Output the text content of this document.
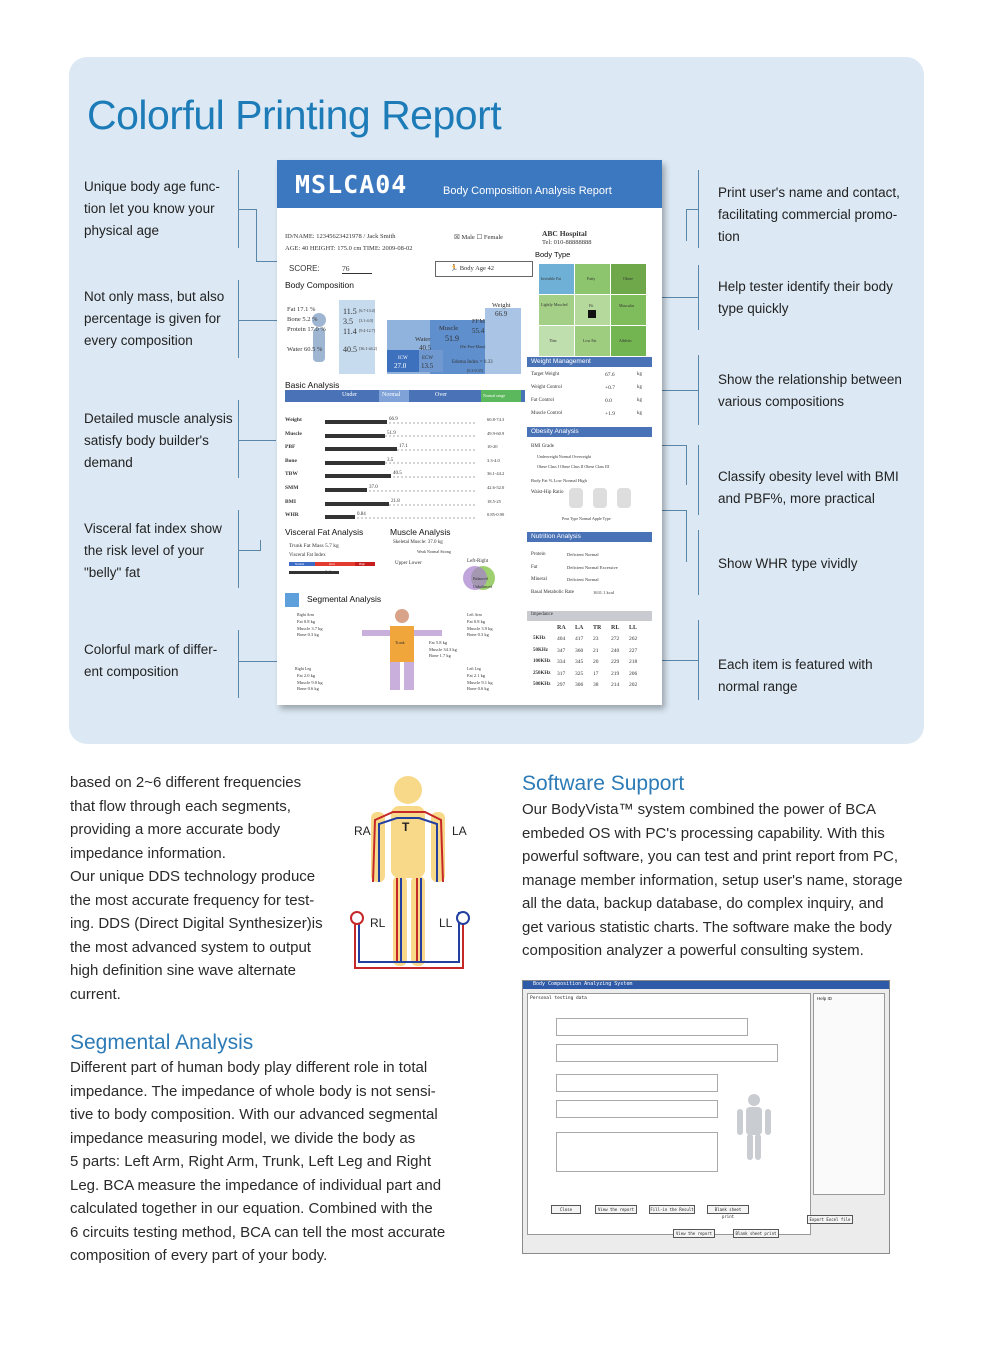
Colorful Printing Report
Unique body age func-
tion let you know your
physical age
Not only mass, but also
percentage is given for
every composition
Detailed muscle analysis
satisfy body builder's
demand
Visceral fat index show
the risk level of your
"belly" fat
Colorful mark of differ-
ent composition
Print user's name and contact,
facilitating commercial promo-
tion
Help tester identify their body
type quickly
Show the relationship between
various compositions
Classify obesity level with BMI
and PBF%, more practical
Show WHR type vividly
Each item is featured with
normal range
MSLCA04	Body Composition Analysis Report
ID/NAME: 12345623421978 / Jack Smith	☒ Male ☐ Female
AGE: 40 HEIGHT: 175.0 cm TIME: 2009-08-02
ABC Hospital
Tel: 010-88888888
SCORE:	76	🏃 Body Age 42
Body Composition
Fat 17.1 %
Bone 5.2 %
Protein 17.0 %
Water 60.5 %
11.5
3.5
11.4
40.5
[6.7-13.4]
[3.1-4.0]
[9.4-12.7]
[36.1-44.2]
Weight
66.9
FFM
55.4
Muscle
51.9
Water
40.5	(Fat Free Mass)
ICW
27.0
ECW
13.5	Edema Index = 0.33
[0.3-0.35]
Body Type
Invisible Fat	Fatty	Obese
Lightly Muscled	Fit	Muscular
Thin	Low Fat	Athletic
Basic Analysis
Under	Normal	Over	Normal range
Weight	66.9	60.8-74.3
Muscle	51.9	49.9-60.9
PBF	17.1	10-20
Bone	3.5	3.3-4.0
TBW	40.5	36.1-44.2
SMM	37.0	42.6-52.0
BMI	21.8	18.5-25
WHR	0.84	0.85-0.90
Weight Management
Target Weight	67.6	kg
Weight Control	+0.7	kg
Fat Control	0.0	kg
Muscle Control	+1.9	kg
Obesity Analysis
BMI Grade
Underweight Normal Overweight
Obese Class I Obese Class II Obese Class III
Body Fat % Low Normal High
Waist-Hip Ratio
Pear Type Normal Apple Type
Visceral Fat Analysis
Trunk Fat Mass 5.7 kg
Visceral Fat Index
Normal	Over	High
9.8
Muscle Analysis
Skeletal Muscle: 37.0 kg
Weak Normal Strong
Upper Lower	Left-Right
Balanced
Unbalanced
Nutrition Analysis
Protein	Deficient Normal
Fat	Deficient Normal Excessive
Mineral	Deficient Normal
Basal Metabolic Rate	1631.1 kcal
Segmental Analysis
Right Arm	Left Arm
Trunk
Right Leg	Left Leg
Fat 0.8 kg
Muscle 3.7 kg
Bone 0.3 kg
Fat 0.8 kg
Muscle 3.9 kg
Bone 0.3 kg
Fat 5.8 kg
Muscle 34.3 kg
Bone 1.7 kg
Fat 2.0 kg
Muscle 9.0 kg
Bone 0.6 kg
Fat 2.1 kg
Muscle 9.1 kg
Bone 0.6 kg
Impedance
RA LA TR RL LL
5KHz 404 417 23 272 262
50KHz 347 360 21 240 227
100KHz 334 345 20 229 218
250KHz 317 325 17 219 206
500KHz 297 306 38 214 202
based on 2~6 different frequencies
that flow through each segments,
providing a more accurate body
impedance information.
Our unique DDS technology produce
the most accurate frequency for test-
ing. DDS (Direct Digital Synthesizer)is
the most advanced system to output
high definition sine wave alternate
current.
RA	LA
T
RL	LL
Segmental Analysis
Different part of human body play different role in total
impedance. The impedance of whole body is not sensi-
tive to body composition. With our advanced segmental
impedance measuring model, we divide the body as
5 parts: Left Arm, Right Arm, Trunk, Left Leg and Right
Leg. BCA measure the impedance of individual part and
calculated together in our equation. Combined with the
6 circuits testing method, BCA can tell the most accurate
composition of every part of your body.
Software Support
Our BodyVista™ system combined the power of BCA
embeded OS with PC's processing capability. With this
powerful software, you can test and print report from PC,
manage member information, setup user's name, storage
all the data, backup database, do complex inquiry, and
get various statistic charts. The software make the body
composition analyzer a powerful consulting system.
Body Composition Analyzing System
Personal testing data	Help ID
Close	View the report	Fill-in the Result	Blank sheet print
Export Excel file
View the report	Blank sheet print
